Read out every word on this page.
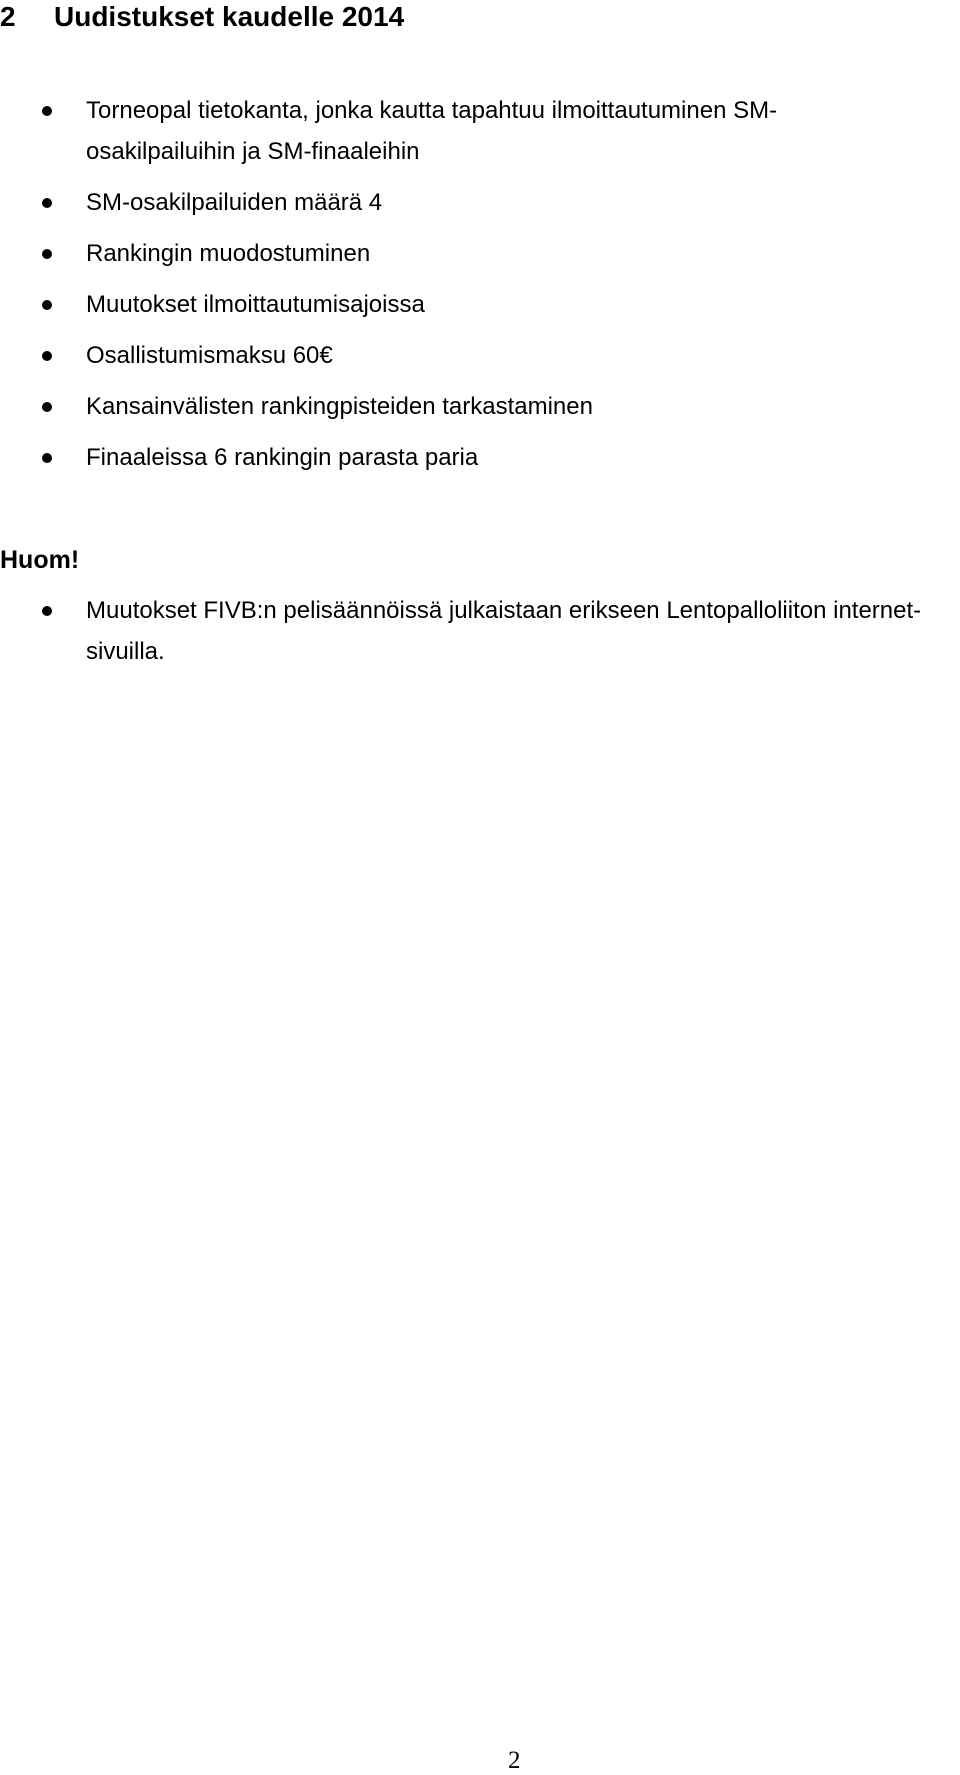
2 Uudistukset kaudelle 2014
Torneopal tietokanta, jonka kautta tapahtuu ilmoittautuminen SM-osakilpailuihin ja SM-finaaleihin
SM-osakilpailuiden määrä 4
Rankingin muodostuminen
Muutokset ilmoittautumisajoissa
Osallistumismaksu 60€
Kansainvälisten rankingpisteiden tarkastaminen
Finaaleissa 6 rankingin parasta paria

Huom!

Muutokset FIVB:n pelisäännöissä julkaistaan erikseen Lentopalloliiton internet-sivuilla.
2
